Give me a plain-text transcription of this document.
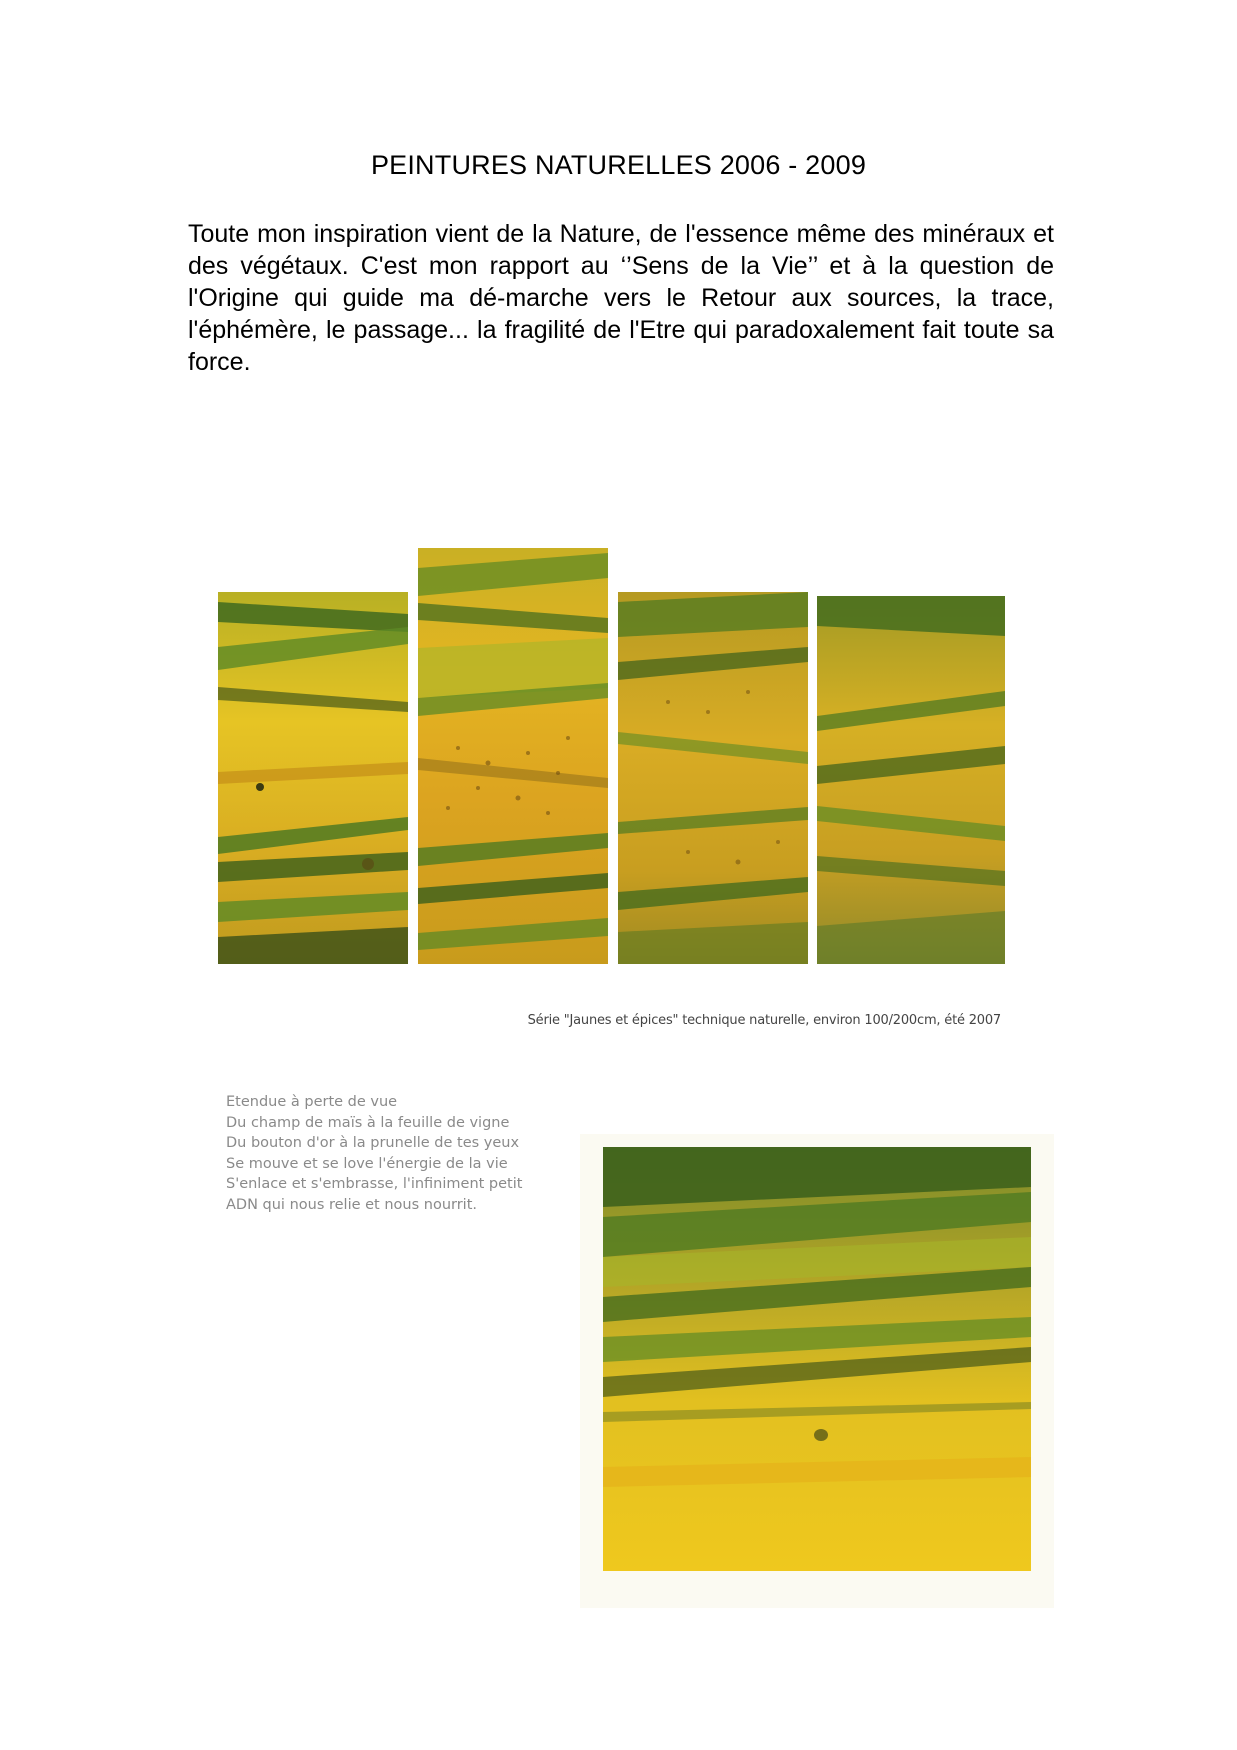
PEINTURES NATURELLES 2006 - 2009
Toute mon inspiration vient de la Nature, de l'essence même des minéraux et des végétaux. C'est mon rapport au ‘’Sens de la Vie’’ et à la question de l'Origine qui guide ma dé-marche vers le Retour aux sources, la trace, l'éphémère, le passage... la fragilité de l'Etre qui paradoxalement fait toute sa force.
Série "Jaunes et épices" technique naturelle, environ 100/200cm, été 2007
Etendue à perte de vue
Du champ de maïs à la feuille de vigne
Du bouton d'or à la prunelle de tes yeux
Se mouve et se love l'énergie de la vie
S'enlace et s'embrasse, l'infiniment petit
ADN qui nous relie et nous nourrit.
